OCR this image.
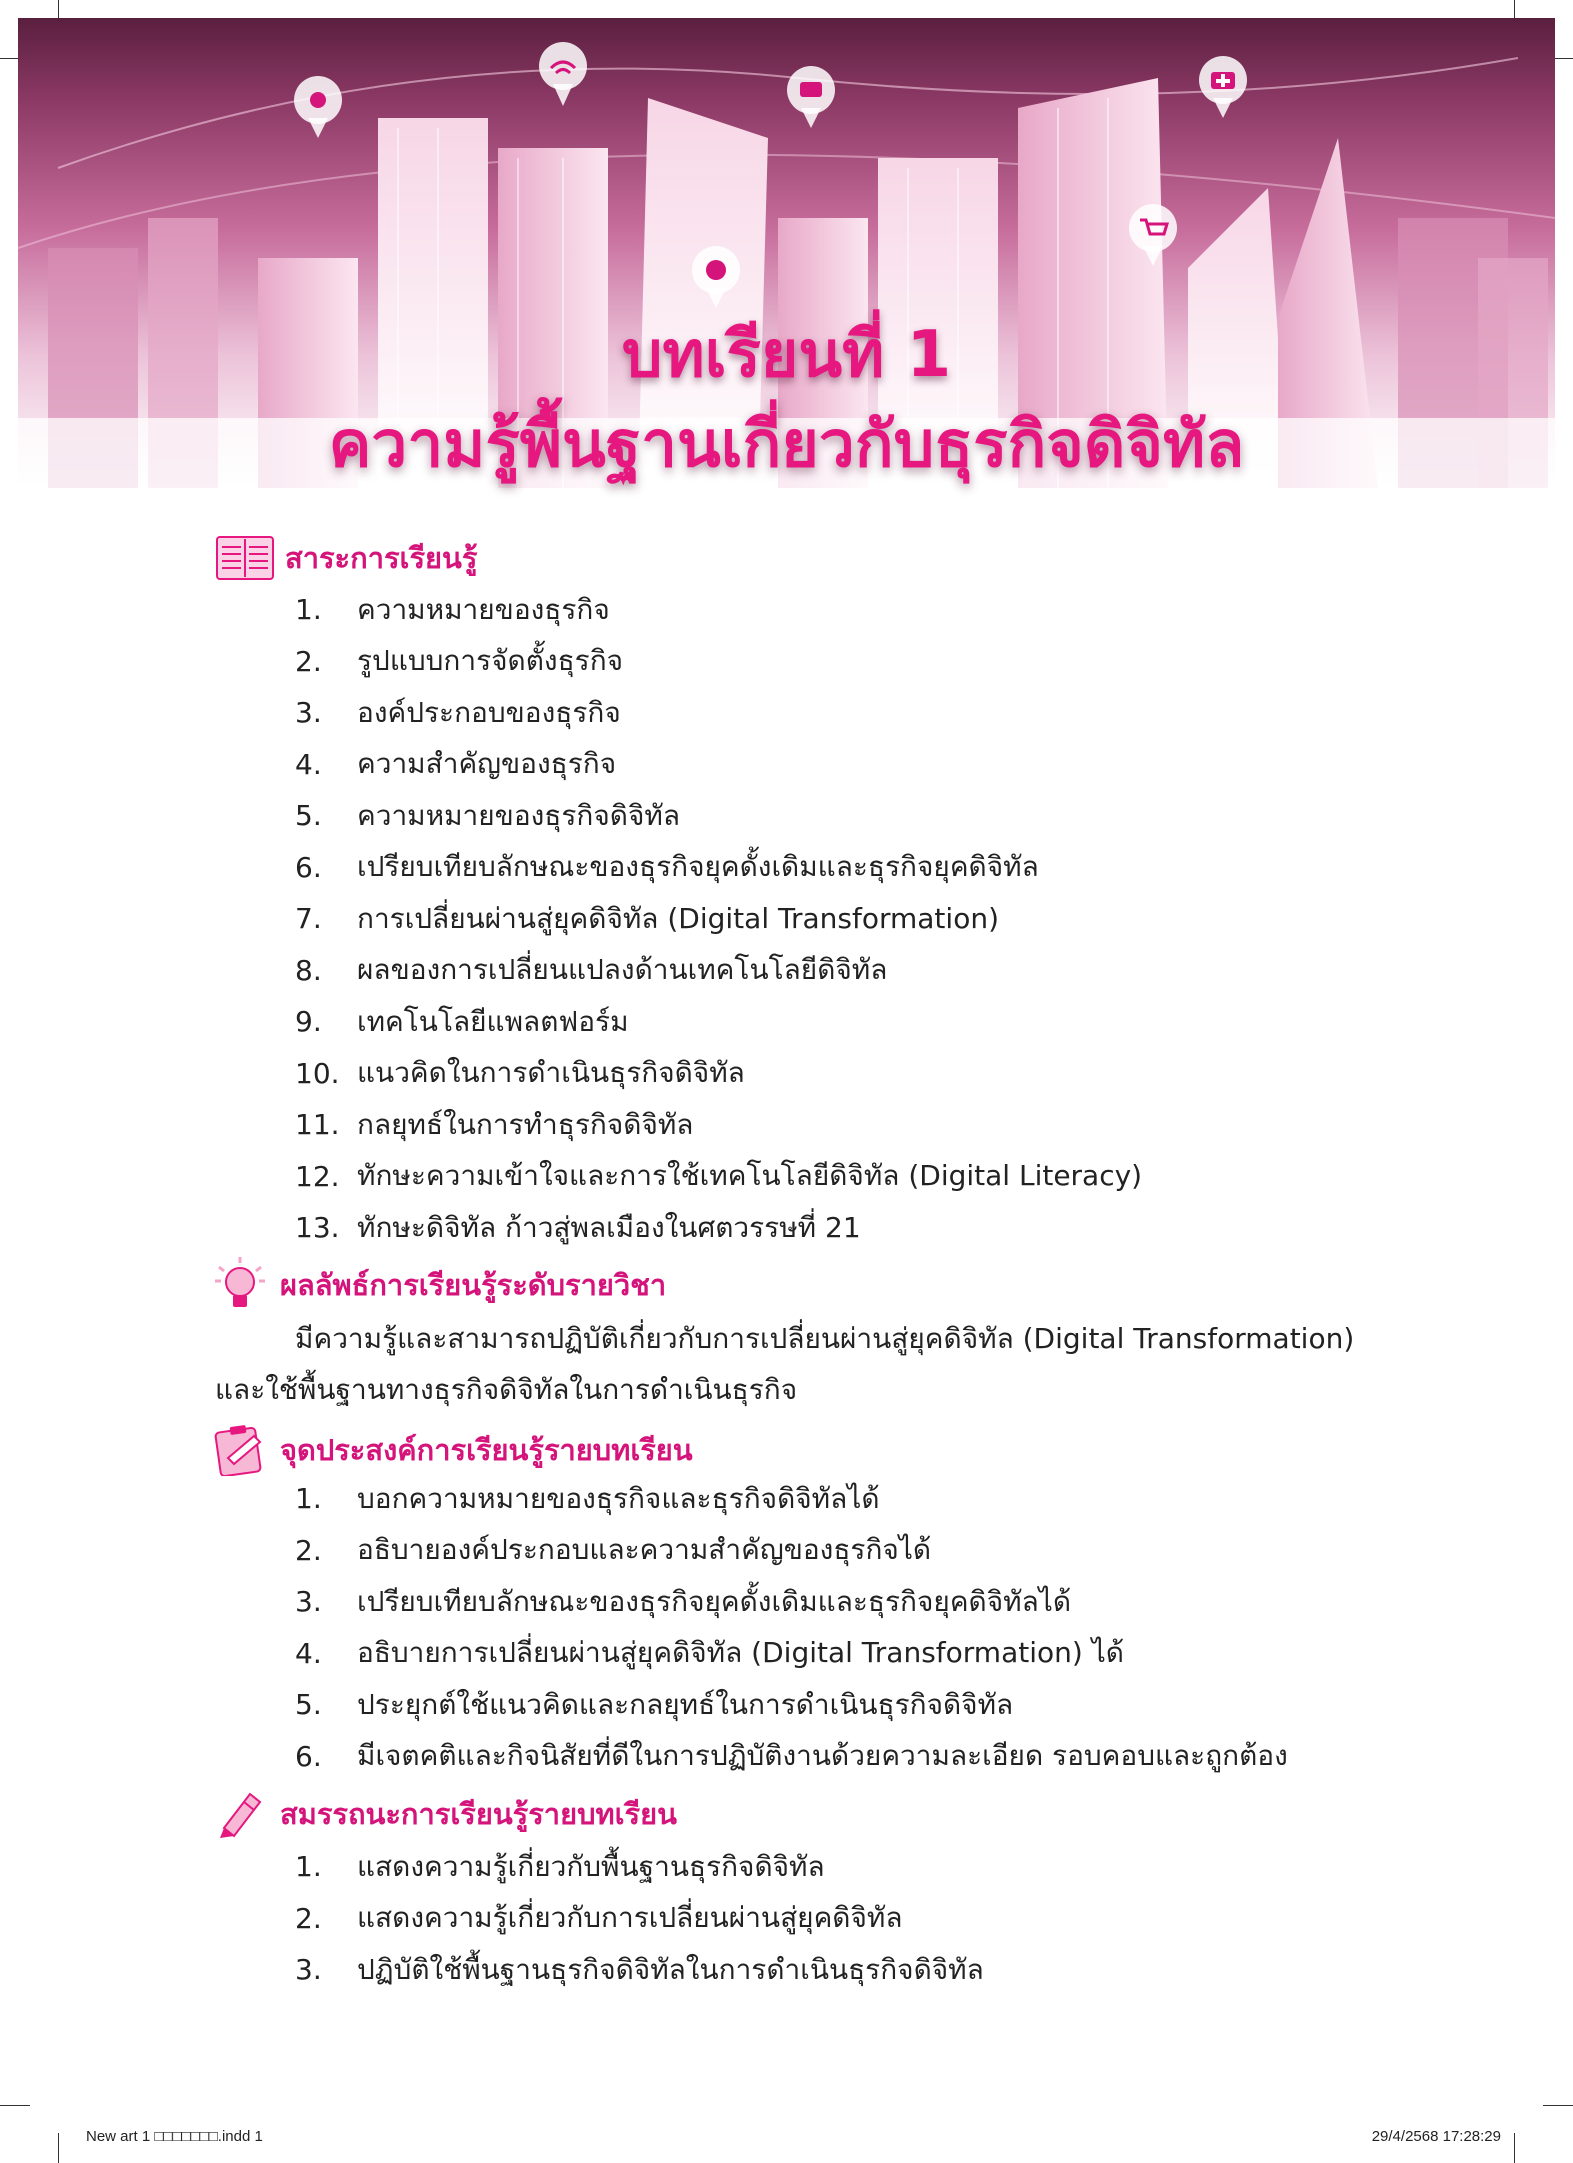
บทเรียนที่ 1
ความรู้พื้นฐานเกี่ยวกับธุรกิจดิจิทัล
สาระการเรียนรู้
1.	ความหมายของธุรกิจ
2.	รูปแบบการจัดตั้งธุรกิจ
3.	องค์ประกอบของธุรกิจ
4.	ความสำคัญของธุรกิจ
5.	ความหมายของธุรกิจดิจิทัล
6.	เปรียบเทียบลักษณะของธุรกิจยุคดั้งเดิมและธุรกิจยุคดิจิทัล
7.	การเปลี่ยนผ่านสู่ยุคดิจิทัล (Digital Transformation)
8.	ผลของการเปลี่ยนแปลงด้านเทคโนโลยีดิจิทัล
9.	เทคโนโลยีแพลตฟอร์ม
10. แนวคิดในการดำเนินธุรกิจดิจิทัล
11. กลยุทธ์ในการทำธุรกิจดิจิทัล
12. ทักษะความเข้าใจและการใช้เทคโนโลยีดิจิทัล (Digital Literacy)
13. ทักษะดิจิทัล ก้าวสู่พลเมืองในศตวรรษที่ 21
ผลลัพธ์การเรียนรู้ระดับรายวิชา

มีความรู้และสามารถปฏิบัติเกี่ยวกับการเปลี่ยนผ่านสู่ยุคดิจิทัล (Digital Transformation)

และใช้พื้นฐานทางธุรกิจดิจิทัลในการดำเนินธุรกิจ

จุดประสงค์การเรียนรู้รายบทเรียน
1.	บอกความหมายของธุรกิจและธุรกิจดิจิทัลได้
2.	อธิบายองค์ประกอบและความสำคัญของธุรกิจได้
3.	เปรียบเทียบลักษณะของธุรกิจยุคดั้งเดิมและธุรกิจยุคดิจิทัลได้
4.	อธิบายการเปลี่ยนผ่านสู่ยุคดิจิทัล (Digital Transformation) ได้
5.	ประยุกต์ใช้แนวคิดและกลยุทธ์ในการดำเนินธุรกิจดิจิทัล
6.	มีเจตคติและกิจนิสัยที่ดีในการปฏิบัติงานด้วยความละเอียด รอบคอบและถูกต้อง
สมรรถนะการเรียนรู้รายบทเรียน
1.	แสดงความรู้เกี่ยวกับพื้นฐานธุรกิจดิจิทัล
2.	แสดงความรู้เกี่ยวกับการเปลี่ยนผ่านสู่ยุคดิจิทัล
3.	ปฏิบัติใช้พื้นฐานธุรกิจดิจิทัลในการดำเนินธุรกิจดิจิทัล
New art 1 □□□□□□□.indd 1	29/4/2568 17:28:29
